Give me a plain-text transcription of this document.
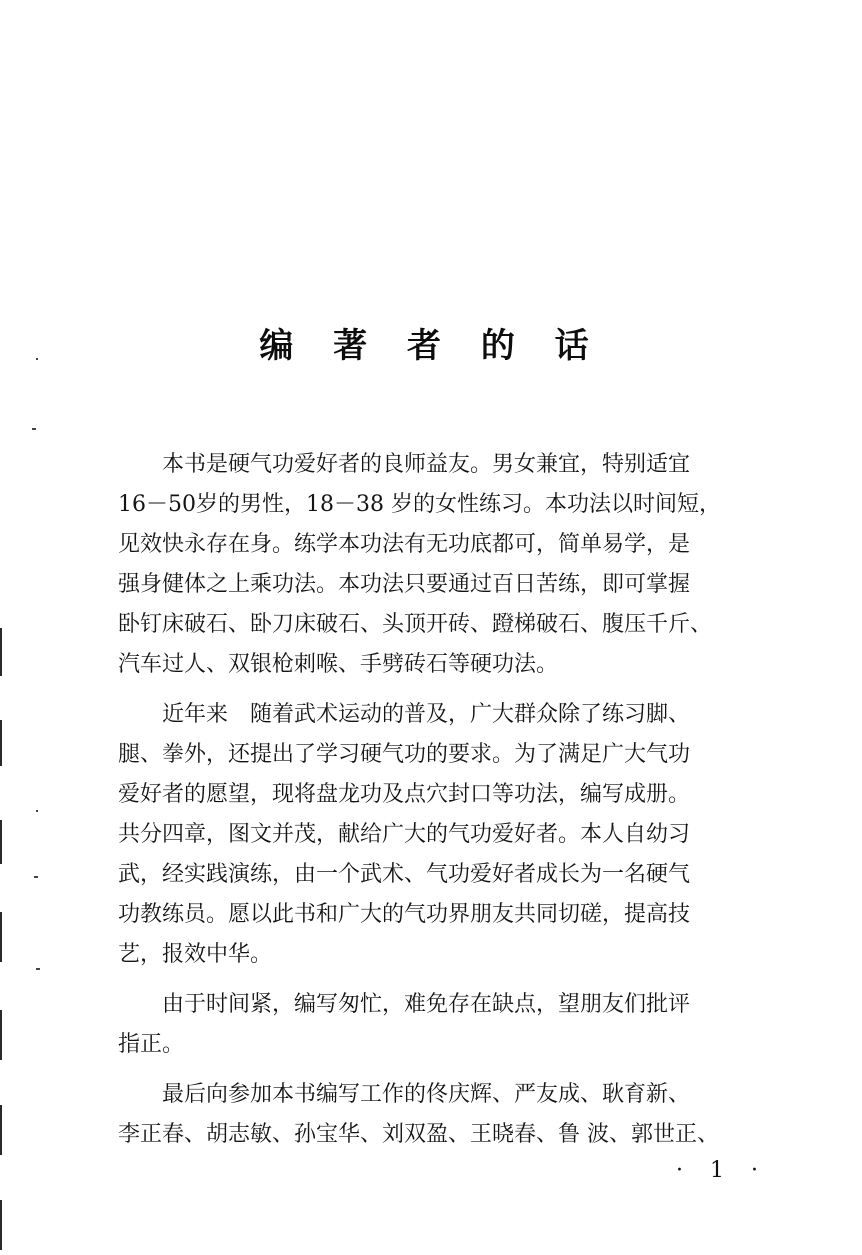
编 著 者 的 话
　　本书是硬气功爱好者的良师益友。男女兼宜，特别适宜
16－50岁的男性，18－38 岁的女性练习。本功法以时间短，
见效快永存在身。练学本功法有无功底都可，简单易学，是
强身健体之上乘功法。本功法只要通过百日苦练，即可掌握
卧钉床破石、卧刀床破石、头顶开砖、蹬梯破石、腹压千斤、
汽车过人、双银枪刺喉、手劈砖石等硬功法。
　　近年来　随着武术运动的普及，广大群众除了练习脚、
腿、拳外，还提出了学习硬气功的要求。为了满足广大气功
爱好者的愿望，现将盘龙功及点穴封口等功法，编写成册。
共分四章，图文并茂，献给广大的气功爱好者。本人自幼习
武，经实践演练，由一个武术、气功爱好者成长为一名硬气
功教练员。愿以此书和广大的气功界朋友共同切磋，提高技
艺，报效中华。
　　由于时间紧，编写匆忙，难免存在缺点，望朋友们批评
指正。
　　最后向参加本书编写工作的佟庆辉、严友成、耿育新、
李正春、胡志敏、孙宝华、刘双盈、王晓春、鲁 波、郭世正、
· 1 ·
